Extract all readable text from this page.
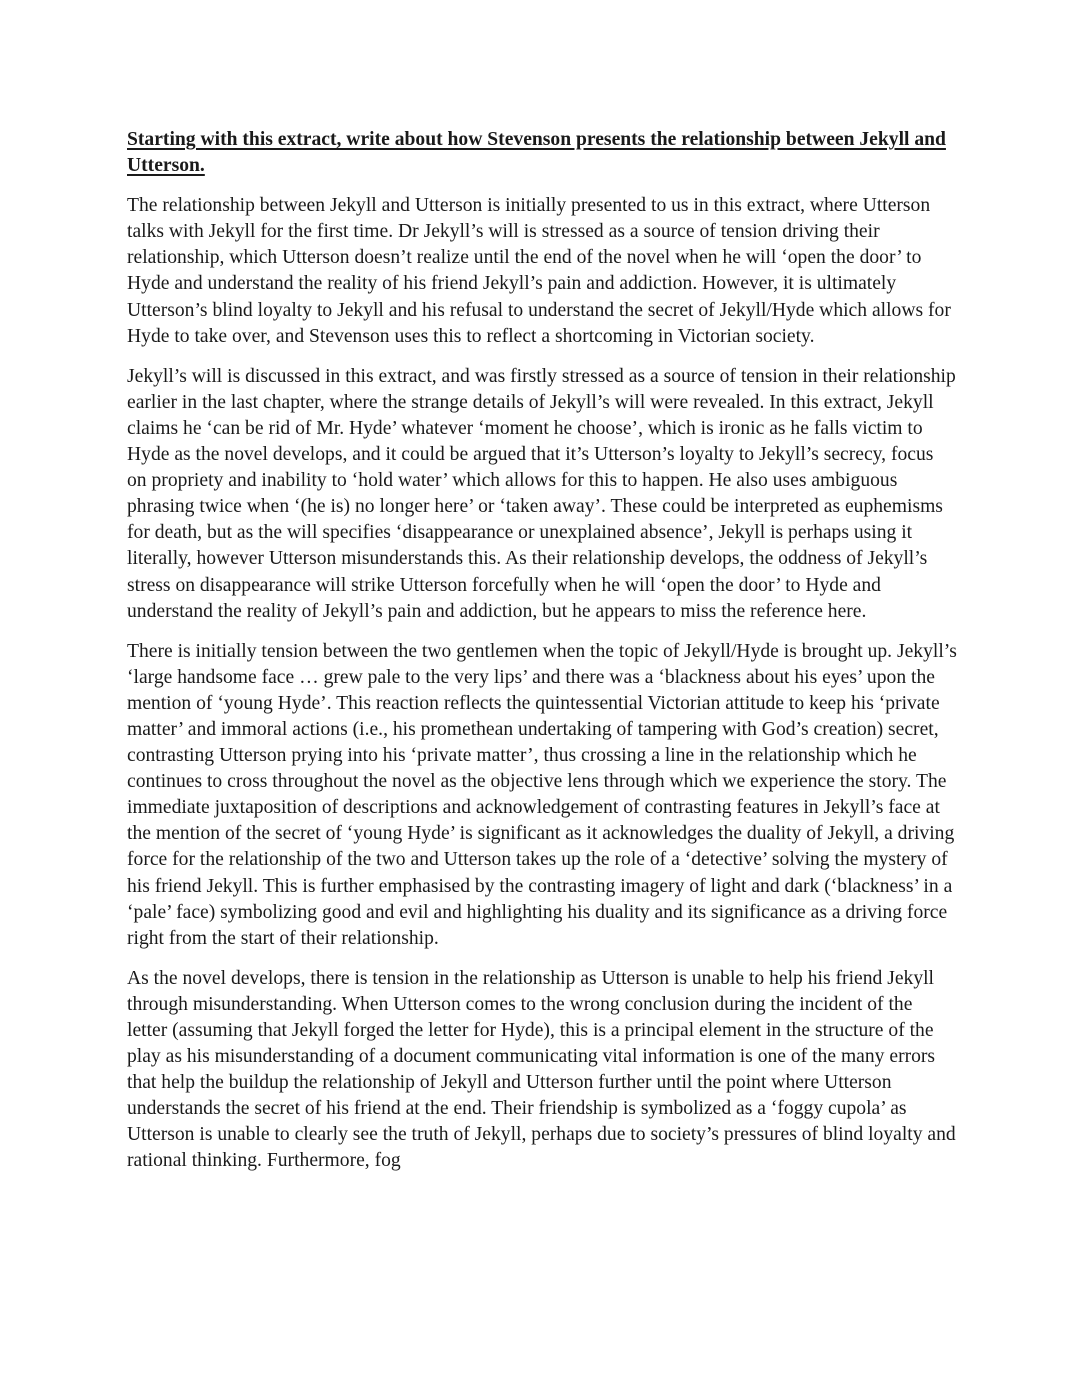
Starting with this extract, write about how Stevenson presents the relationship between Jekyll and Utterson.

The relationship between Jekyll and Utterson is initially presented to us in this extract, where Utterson talks with Jekyll for the first time. Dr Jekyll’s will is stressed as a source of tension driving their relationship, which Utterson doesn’t realize until the end of the novel when he will ‘open the door’ to Hyde and understand the reality of his friend Jekyll’s pain and addiction. However, it is ultimately Utterson’s blind loyalty to Jekyll and his refusal to understand the secret of Jekyll/Hyde which allows for Hyde to take over, and Stevenson uses this to reflect a shortcoming in Victorian society.

Jekyll’s will is discussed in this extract, and was firstly stressed as a source of tension in their relationship earlier in the last chapter, where the strange details of Jekyll’s will were revealed. In this extract, Jekyll claims he ‘can be rid of Mr. Hyde’ whatever ‘moment he choose’, which is ironic as he falls victim to Hyde as the novel develops, and it could be argued that it’s Utterson’s loyalty to Jekyll’s secrecy, focus on propriety and inability to ‘hold water’ which allows for this to happen. He also uses ambiguous phrasing twice when ‘(he is) no longer here’ or ‘taken away’. These could be interpreted as euphemisms for death, but as the will specifies ‘disappearance or unexplained absence’, Jekyll is perhaps using it literally, however Utterson misunderstands this. As their relationship develops, the oddness of Jekyll’s stress on disappearance will strike Utterson forcefully when he will ‘open the door’ to Hyde and understand the reality of Jekyll’s pain and addiction, but he appears to miss the reference here.

There is initially tension between the two gentlemen when the topic of Jekyll/Hyde is brought up. Jekyll’s ‘large handsome face … grew pale to the very lips’ and there was a ‘blackness about his eyes’ upon the mention of ‘young Hyde’. This reaction reflects the quintessential Victorian attitude to keep his ‘private matter’ and immoral actions (i.e., his promethean undertaking of tampering with God’s creation) secret, contrasting Utterson prying into his ‘private matter’, thus crossing a line in the relationship which he continues to cross throughout the novel as the objective lens through which we experience the story. The immediate juxtaposition of descriptions and acknowledgement of contrasting features in Jekyll’s face at the mention of the secret of ‘young Hyde’ is significant as it acknowledges the duality of Jekyll, a driving force for the relationship of the two and Utterson takes up the role of a ‘detective’ solving the mystery of his friend Jekyll. This is further emphasised by the contrasting imagery of light and dark (‘blackness’ in a ‘pale’ face) symbolizing good and evil and highlighting his duality and its significance as a driving force right from the start of their relationship.

As the novel develops, there is tension in the relationship as Utterson is unable to help his friend Jekyll through misunderstanding. When Utterson comes to the wrong conclusion during the incident of the letter (assuming that Jekyll forged the letter for Hyde), this is a principal element in the structure of the play as his misunderstanding of a document communicating vital information is one of the many errors that help the buildup the relationship of Jekyll and Utterson further until the point where Utterson understands the secret of his friend at the end. Their friendship is symbolized as a ‘foggy cupola’ as Utterson is unable to clearly see the truth of Jekyll, perhaps due to society’s pressures of blind loyalty and rational thinking. Furthermore, fog
